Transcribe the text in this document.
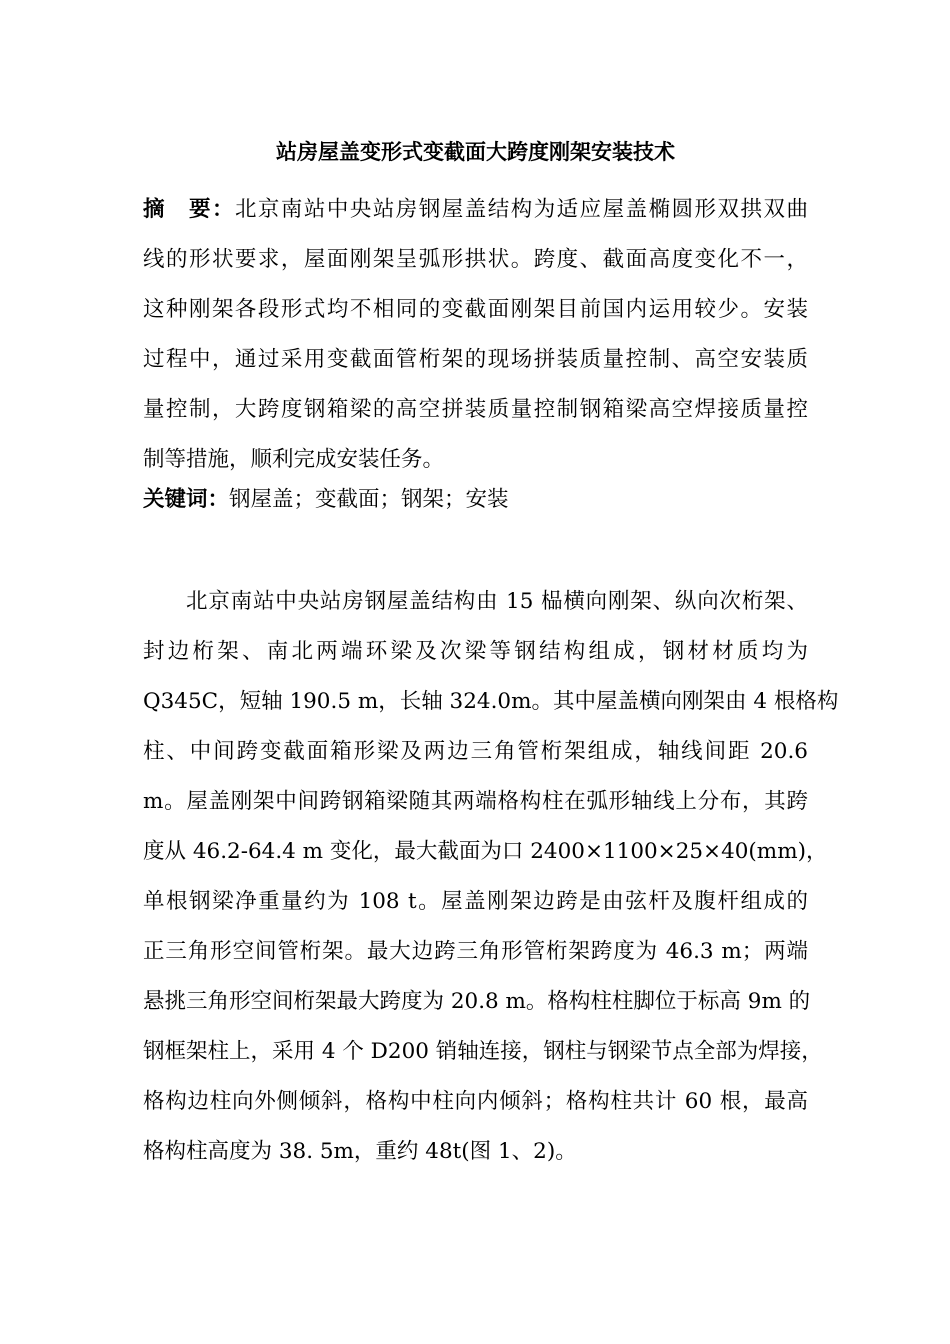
站房屋盖变形式变截面大跨度刚架安装技术
摘　要：北京南站中央站房钢屋盖结构为适应屋盖椭圆形双拱双曲
线的形状要求，屋面刚架呈弧形拱状。跨度、截面高度变化不一，
这种刚架各段形式均不相同的变截面刚架目前国内运用较少。安装
过程中，通过采用变截面管桁架的现场拼装质量控制、高空安装质
量控制，大跨度钢箱梁的高空拼装质量控制钢箱梁高空焊接质量控
制等措施，顺利完成安装任务。
关键词：钢屋盖；变截面；钢架；安装
北京南站中央站房钢屋盖结构由 15 榀横向刚架、纵向次桁架、
封边桁架、南北两端环梁及次梁等钢结构组成，钢材材质均为
Q345C，短轴 190.5 m，长轴 324.0m。其中屋盖横向刚架由 4 根格构
柱、中间跨变截面箱形梁及两边三角管桁架组成，轴线间距 20.6
m。屋盖刚架中间跨钢箱梁随其两端格构柱在弧形轴线上分布，其跨
度从 46.2-64.4 m 变化，最大截面为口 2400×1100×25×40(mm)，
单根钢梁净重量约为 108 t。屋盖刚架边跨是由弦杆及腹杆组成的
正三角形空间管桁架。最大边跨三角形管桁架跨度为 46.3 m；两端
悬挑三角形空间桁架最大跨度为 20.8 m。格构柱柱脚位于标高 9m 的
钢框架柱上，采用 4 个 D200 销轴连接，钢柱与钢梁节点全部为焊接，
格构边柱向外侧倾斜，格构中柱向内倾斜；格构柱共计 60 根，最高
格构柱高度为 38. 5m，重约 48t(图 1、2)。
